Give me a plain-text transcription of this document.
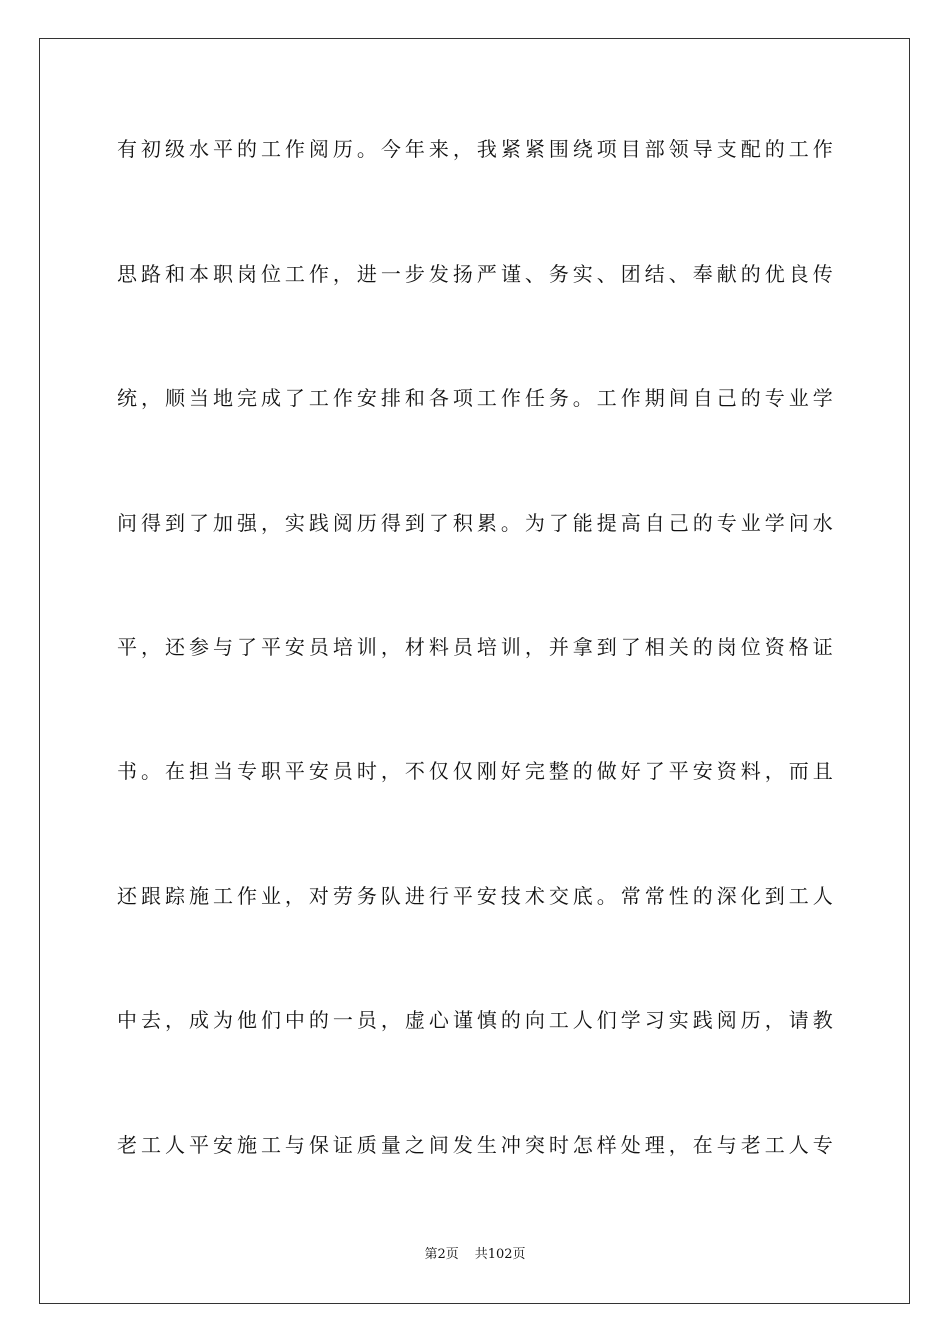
有初级水平的工作阅历。今年来，我紧紧围绕项目部领导支配的工作
思路和本职岗位工作，进一步发扬严谨、务实、团结、奉献的优良传
统，顺当地完成了工作安排和各项工作任务。工作期间自己的专业学
问得到了加强，实践阅历得到了积累。为了能提高自己的专业学问水
平，还参与了平安员培训，材料员培训，并拿到了相关的岗位资格证
书。在担当专职平安员时，不仅仅刚好完整的做好了平安资料，而且
还跟踪施工作业，对劳务队进行平安技术交底。常常性的深化到工人
中去，成为他们中的一员，虚心谨慎的向工人们学习实践阅历，请教
老工人平安施工与保证质量之间发生冲突时怎样处理，在与老工人专
第2页 共102页
